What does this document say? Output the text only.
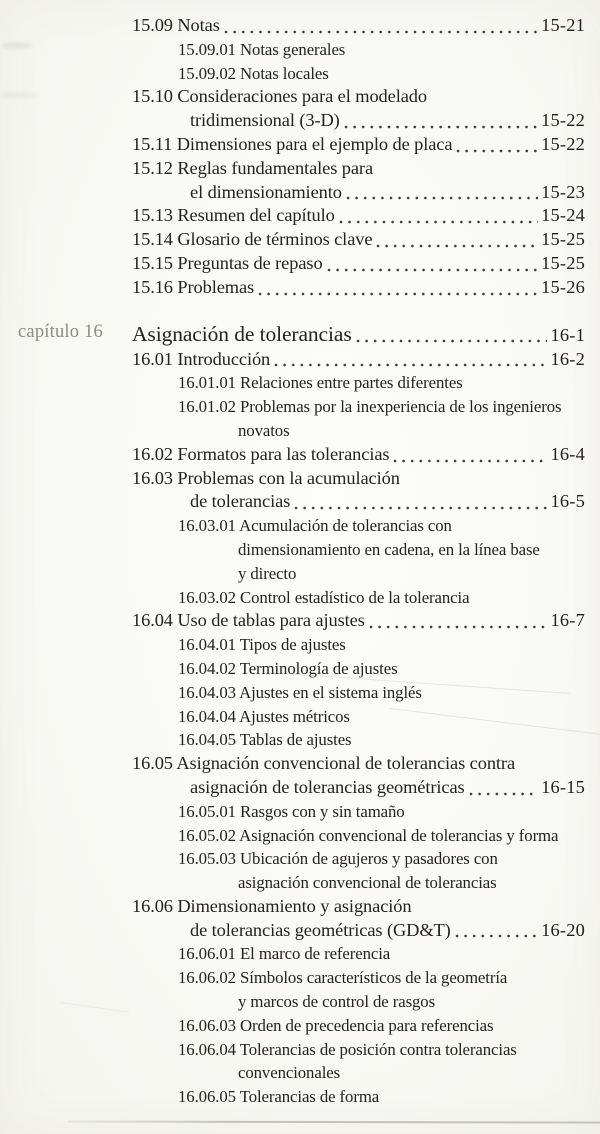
15.09 Notas	15-21
15.09.01 Notas generales
15.09.02 Notas locales
15.10 Consideraciones para el modelado
tridimensional (3-D)	15-22
15.11 Dimensiones para el ejemplo de placa	15-22
15.12 Reglas fundamentales para
el dimensionamiento	15-23
15.13 Resumen del capítulo	15-24
15.14 Glosario de términos clave	15-25
15.15 Preguntas de repaso	15-25
15.16 Problemas	15-26
capítulo 16 Asignación de tolerancias	16-1
16.01 Introducción	16-2
16.01.01 Relaciones entre partes diferentes
16.01.02 Problemas por la inexperiencia de los ingenieros
novatos
16.02 Formatos para las tolerancias	16-4
16.03 Problemas con la acumulación
de tolerancias	16-5
16.03.01 Acumulación de tolerancias con
dimensionamiento en cadena, en la línea base
y directo
16.03.02 Control estadístico de la tolerancia
16.04 Uso de tablas para ajustes	16-7
16.04.01 Tipos de ajustes
16.04.02 Terminología de ajustes
16.04.03 Ajustes en el sistema inglés
16.04.04 Ajustes métricos
16.04.05 Tablas de ajustes
16.05 Asignación convencional de tolerancias contra
asignación de tolerancias geométricas	16-15
16.05.01 Rasgos con y sin tamaño
16.05.02 Asignación convencional de tolerancias y forma
16.05.03 Ubicación de agujeros y pasadores con
asignación convencional de tolerancias
16.06 Dimensionamiento y asignación
de tolerancias geométricas (GD&T)	16-20
16.06.01 El marco de referencia
16.06.02 Símbolos característicos de la geometría
y marcos de control de rasgos
16.06.03 Orden de precedencia para referencias
16.06.04 Tolerancias de posición contra tolerancias
convencionales
16.06.05 Tolerancias de forma
